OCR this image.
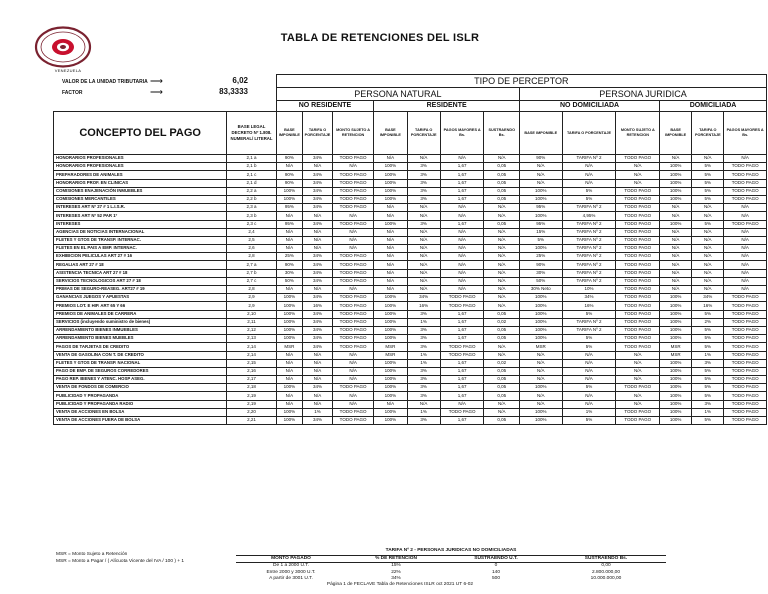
VENEZUELA
TABLA DE RETENCIONES DEL ISLR
VALOR DE LA UNIDAD TRIBUTARIA ⟶	6,02
FACTOR	⟶	83,3333
		TIPO DE PERCEPTOR												
		PERSONA NATURAL							PERSONA JURIDICA					
		NO RESIDENTE			RESIDENTE				NO DOMICILIADA			DOMICILIADA		
CONCEPTO DEL PAGO	BASE LEGAL DECRETO Nº 1.808. NUMERAL/ LITERAL	BASE IMPONIBLE	TARIFA O PORCENTAJE	MONTO SUJETO A RETENCION	BASE IMPONIBLE	TARIFA O PORCENTAJE	PAGOS MAYORES A Bs.	SUSTRAENDO Bs.	BASE IMPONIBLE	TARIFA O PORCENTAJE	MONTO SUJETO A RETENCION	BASE IMPONIBLE	TARIFA O PORCENTAJE	PAGOS MAYORES A Bs.
HONORARIOS PROFESIONALES	2,1 a	90%	34%	TODO PAGO	N/A	N/A	N/A	N/A	90%	TARIFA Nº 2	TODO PAGO	N/A	N/A	N/A
HONORARIOS PROFESIONALES	2,1 b	N/A	N/A	N/A	100%	3%	1,67	0,05	N/A	N/A	N/A	100%	5%	TODO PAGO
PREPARADORES DE ANIMALES	2,1 c	90%	34%	TODO PAGO	100%	3%	1,67	0,05	N/A	N/A	N/A	100%	5%	TODO PAGO
HONORARIOS PROF. EN CLINICAS	2,1 d	90%	34%	TODO PAGO	100%	3%	1,67	0,05	N/A	N/A	N/A	100%	5%	TODO PAGO
COMISIONES ENAJENACIÓN INMUEBLES	2,2 a	100%	34%	TODO PAGO	100%	3%	1,67	0,05	100%	5%	TODO PAGO	100%	5%	TODO PAGO
COMISIONES MERCANTILES	2,2 b	100%	34%	TODO PAGO	100%	3%	1,67	0,05	100%	5%	TODO PAGO	100%	5%	TODO PAGO
INTERESES ART Nº 27 # 1 L.I.S.R.	2,3 a	95%	34%	TODO PAGO	N/A	N/A	N/A	N/A	95%	TARIFA Nº 2	TODO PAGO	N/A	N/A	N/A
INTERESES ART Nº 52 PAR 1º	2,3 b	N/A	N/A	N/A	N/A	N/A	N/A	N/A	100%	4,95%	TODO PAGO	N/A	N/A	N/A
INTERESES	2,3 c	95%	34%	TODO PAGO	100%	3%	1,67	0,05	95%	TARIFA Nº 2	TODO PAGO	100%	5%	TODO PAGO
AGENCIAS DE NOTICIAS INTERNACIONAL	2,4	N/A	N/A	N/A	N/A	N/A	N/A	N/A	15%	TARIFA Nº 2	TODO PAGO	N/A	N/A	N/A
FLETES Y GTOS DE TRANSP. INTERNAC.	2,5	N/A	N/A	N/A	N/A	N/A	N/A	N/A	5%	TARIFA Nº 2	TODO PAGO	N/A	N/A	N/A
FLETES EN EL PAIS A EMP. INTERNAC.	2,6	N/A	N/A	N/A	N/A	N/A	N/A	N/A	100%	TARIFA Nº 2	TODO PAGO	N/A	N/A	N/A
EXHIBICION PELICULAS ART 27 # 16	2,8	25%	34%	TODO PAGO	N/A	N/A	N/A	N/A	25%	TARIFA Nº 2	TODO PAGO	N/A	N/A	N/A
REGALIAS ART 27 # 18	2,7 a	90%	34%	TODO PAGO	N/A	N/A	N/A	N/A	90%	TARIFA Nº 2	TODO PAGO	N/A	N/A	N/A
ASISTENCIA TECNICA ART 27 # 18	2,7 b	30%	34%	TODO PAGO	N/A	N/A	N/A	N/A	30%	TARIFA Nº 2	TODO PAGO	N/A	N/A	N/A
SERVICIOS TECNOLOGICOS ART 27 # 18	2,7 c	50%	34%	TODO PAGO	N/A	N/A	N/A	N/A	50%	TARIFA Nº 2	TODO PAGO	N/A	N/A	N/A
PRIMAS DE SEGURO-REASEG. ART27 # 19	2,8	N/A	N/A	N/A	N/A	N/A	N/A	N/A	30% Neto	10%	TODO PAGO	N/A	N/A	N/A
GANANCIAS JUEGOS Y APUESTAS	2,9	100%	34%	TODO PAGO	100%	34%	TODO PAGO	N/A	100%	34%	TODO PAGO	100%	34%	TODO PAGO
PREMIOS LOT. E HIP. ART 65 Y 66	2,9	100%	16%	TODO PAGO	100%	16%	TODO PAGO	N/A	100%	16%	TODO PAGO	100%	16%	TODO PAGO
PREMIOS DE ANIMALES DE CARRERA	2,10	100%	34%	TODO PAGO	100%	3%	1,67	0,05	100%	5%	TODO PAGO	100%	5%	TODO PAGO
SERVICIOS (incluyendo suministro de bienes)	2,11	100%	34%	TODO PAGO	100%	1%	1,67	0,02	100%	TARIFA Nº 2	TODO PAGO	100%	2%	TODO PAGO
ARRENDAMIENTO BIENES INMUEBLES	2,12	100%	34%	TODO PAGO	100%	3%	1,67	0,05	100%	TARIFA Nº 2	TODO PAGO	100%	5%	TODO PAGO
ARRENDAMIENTO BIENES MUEBLES	2,13	100%	34%	TODO PAGO	100%	3%	1,67	0,05	100%	5%	TODO PAGO	100%	5%	TODO PAGO
PAGOS DE TARJETAS DE CREDITO	2,14	MSR	34%	TODO PAGO	MSR	3%	TODO PAGO	N/A	MSR	5%	TODO PAGO	MSR	5%	TODO PAGO
VENTA DE GASOLINA CON T. DE CREDITO	2,14	N/A	N/A	N/A	MSR	1%	TODO PAGO	N/A	N/A	N/A	N/A	MSR	1%	TODO PAGO
FLETES Y GTOS DE TRANSP. NACIONAL	2,15	N/A	N/A	N/A	100%	1%	1,67	0,02	N/A	N/A	N/A	100%	3%	TODO PAGO
PAGO DE EMP. DE SEGUROS CORREDORES	2,16	N/A	N/A	N/A	100%	3%	1,67	0,05	N/A	N/A	N/A	100%	5%	TODO PAGO
PAGO REP. BIENES Y ATENC. HOSP ASEG.	2,17	N/A	N/A	N/A	100%	3%	1,67	0,05	N/A	N/A	N/A	100%	5%	TODO PAGO
VENTA DE FONDOS DE COMERCIO	2,18	100%	34%	TODO PAGO	100%	3%	1,67	0,05	100%	5%	TODO PAGO	100%	5%	TODO PAGO
PUBLICIDAD Y PROPAGANDA	2,19	N/A	N/A	N/A	100%	3%	1,67	0,05	N/A	N/A	N/A	100%	5%	TODO PAGO
PUBLICIDAD Y PROPAGANDA RADIO	2,19	N/A	N/A	N/A	N/A	N/A	N/A	N/A	N/A	N/A	N/A	100%	3%	TODO PAGO
VENTA DE ACCIONES EN BOLSA	2,20	100%	1%	TODO PAGO	100%	1%	TODO PAGO	N/A	100%	1%	TODO PAGO	100%	1%	TODO PAGO
VENTA DE ACCIONES FUERA DE BOLSA	2,21	100%	34%	TODO PAGO	100%	3%	1,67	0,05	100%	5%	TODO PAGO	100%	5%	TODO PAGO
MSR = Monto Sujeto a Retención
MSR = Monto a Pagar / ( Alícuota Vicente del IVA / 100 ) + 1
TARIFA Nº 2 - PERSONAS JURIDICAS NO DOMICILIADAS			
MONTO PAGADO	% DE RETENCION	SUSTRAENDO U.T.	SUSTRAENDO Bs.
De 1 a 2000 U.T.	15%	0	0,00
Entre 2000 y 3000 U.T.	22%	140	2.800.000,00
A partir de 3001 U.T.	34%	500	10.000.000,00
Página 1 de FECLAVE Tabla de Retenciones ISLR oct 2021 UT 6-02
